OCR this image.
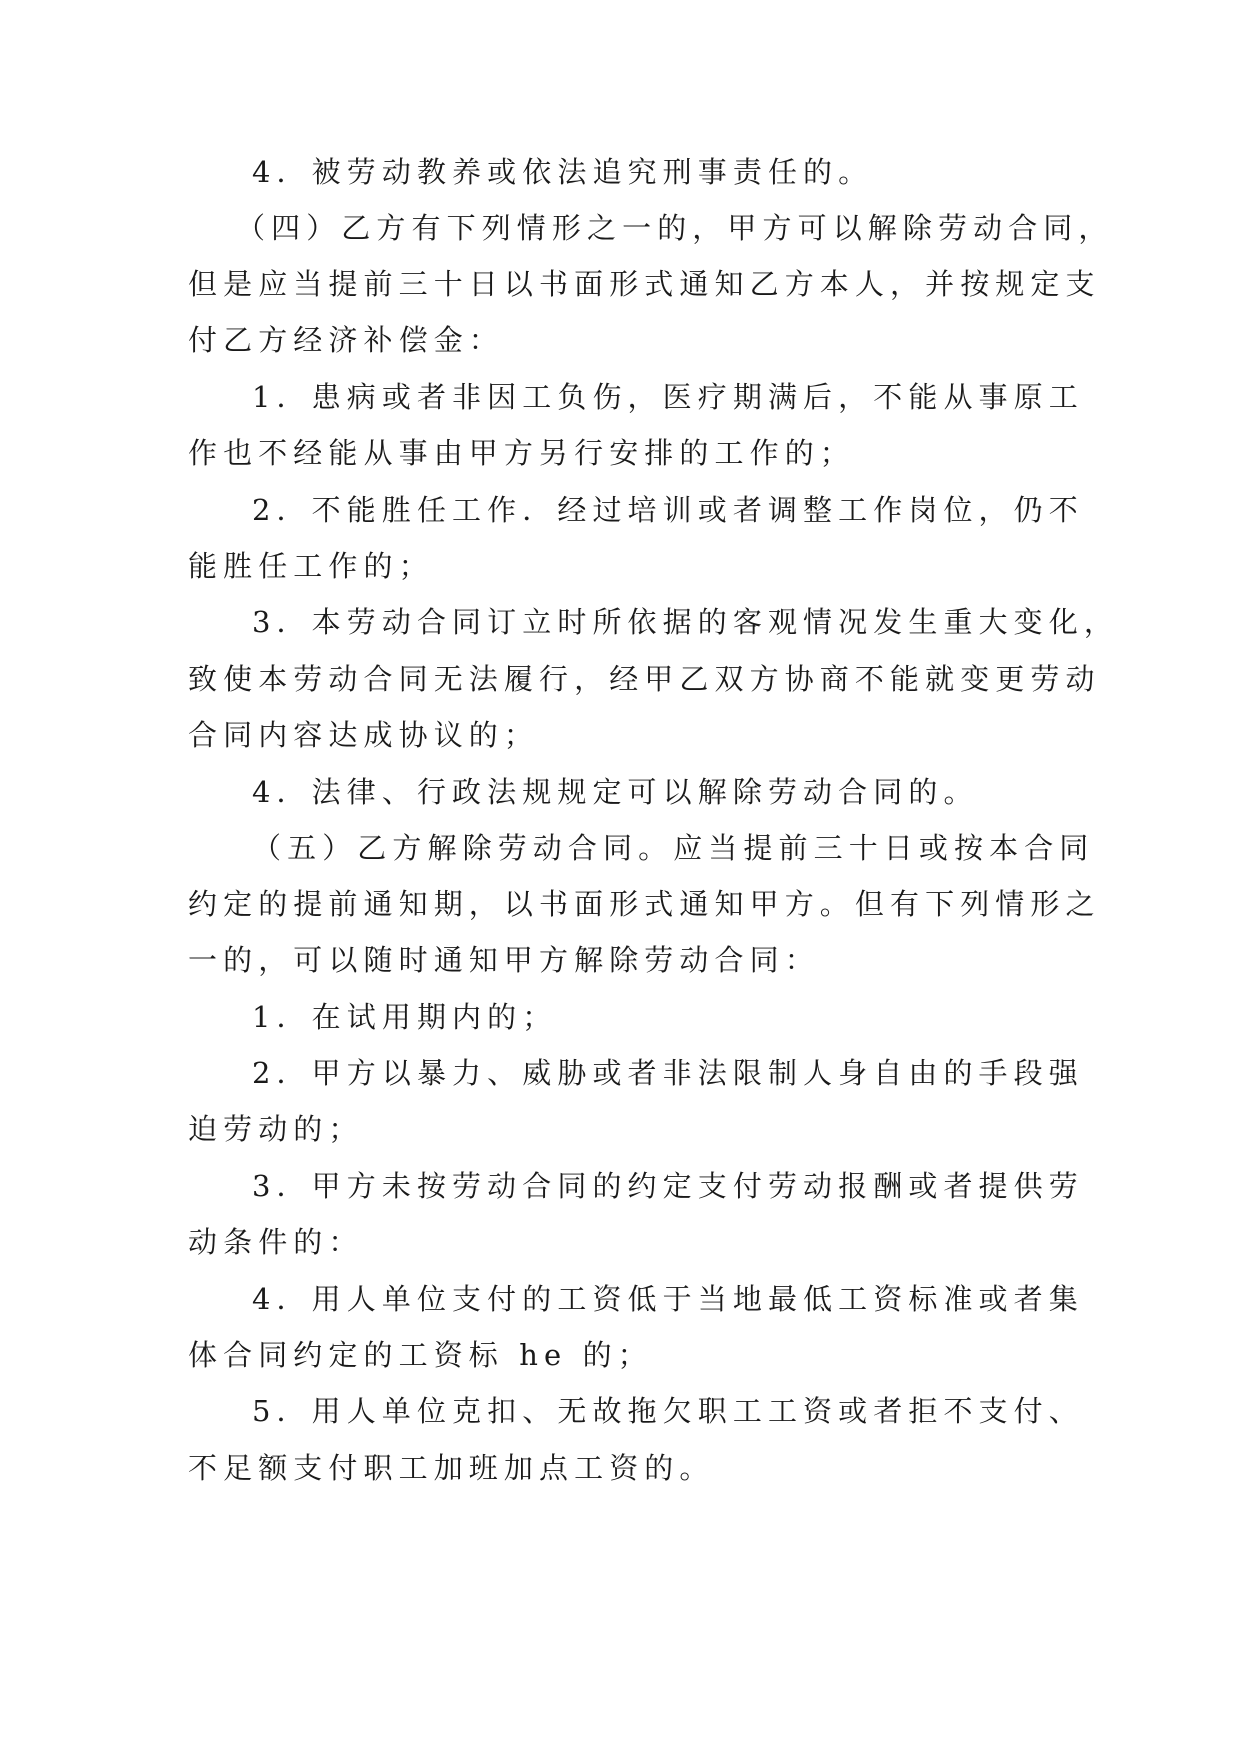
4．被劳动教养或依法追究刑事责任的。
（四）乙方有下列情形之一的，甲方可以解除劳动合同，
但是应当提前三十日以书面形式通知乙方本人，并按规定支
付乙方经济补偿金：
1．患病或者非因工负伤，医疗期满后，不能从事原工
作也不经能从事由甲方另行安排的工作的；
2．不能胜任工作．经过培训或者调整工作岗位，仍不
能胜任工作的；
3．本劳动合同订立时所依据的客观情况发生重大变化，
致使本劳动合同无法履行，经甲乙双方协商不能就变更劳动
合同内容达成协议的；
4．法律、行政法规规定可以解除劳动合同的。
（五）乙方解除劳动合同。应当提前三十日或按本合同
约定的提前通知期，以书面形式通知甲方。但有下列情形之
一的，可以随时通知甲方解除劳动合同：
1．在试用期内的；
2．甲方以暴力、威胁或者非法限制人身自由的手段强
迫劳动的；
3．甲方未按劳动合同的约定支付劳动报酬或者提供劳
动条件的：
4．用人单位支付的工资低于当地最低工资标准或者集
体合同约定的工资标 he 的；
5．用人单位克扣、无故拖欠职工工资或者拒不支付、
不足额支付职工加班加点工资的。
